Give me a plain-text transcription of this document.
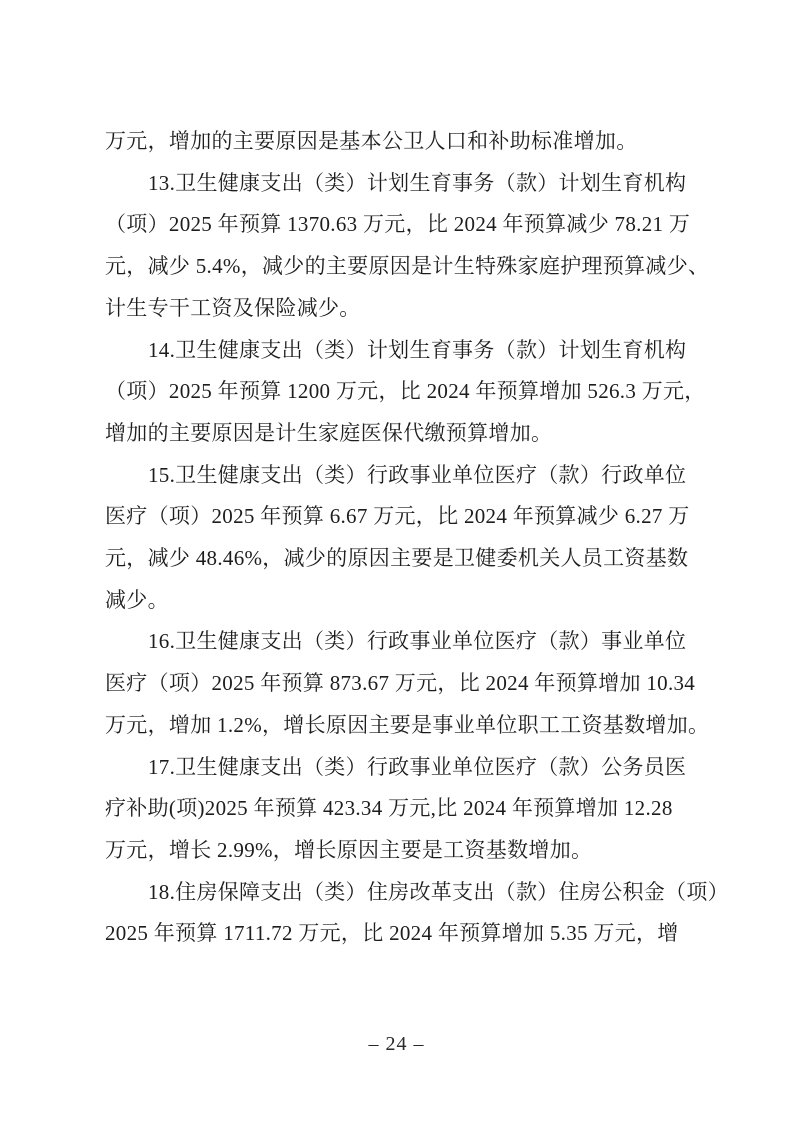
万元，增加的主要原因是基本公卫人口和补助标准增加。

13.卫生健康支出（类）计划生育事务（款）计划生育机构
（项）2025 年预算 1370.63 万元，比 2024 年预算减少 78.21 万
元，减少 5.4%，减少的主要原因是计生特殊家庭护理预算减少、
计生专干工资及保险减少。

14.卫生健康支出（类）计划生育事务（款）计划生育机构
（项）2025 年预算 1200 万元，比 2024 年预算增加 526.3 万元，
增加的主要原因是计生家庭医保代缴预算增加。

15.卫生健康支出（类）行政事业单位医疗（款）行政单位
医疗（项）2025 年预算 6.67 万元，比 2024 年预算减少 6.27 万
元，减少 48.46%，减少的原因主要是卫健委机关人员工资基数
减少。

16.卫生健康支出（类）行政事业单位医疗（款）事业单位
医疗（项）2025 年预算 873.67 万元，比 2024 年预算增加 10.34
万元，增加 1.2%，增长原因主要是事业单位职工工资基数增加。

17.卫生健康支出（类）行政事业单位医疗（款）公务员医
疗补助(项)2025 年预算 423.34 万元,比 2024 年预算增加 12.28
万元，增长 2.99%，增长原因主要是工资基数增加。

18.住房保障支出（类）住房改革支出（款）住房公积金（项）
2025 年预算 1711.72 万元，比 2024 年预算增加 5.35 万元，增

– 24 –
